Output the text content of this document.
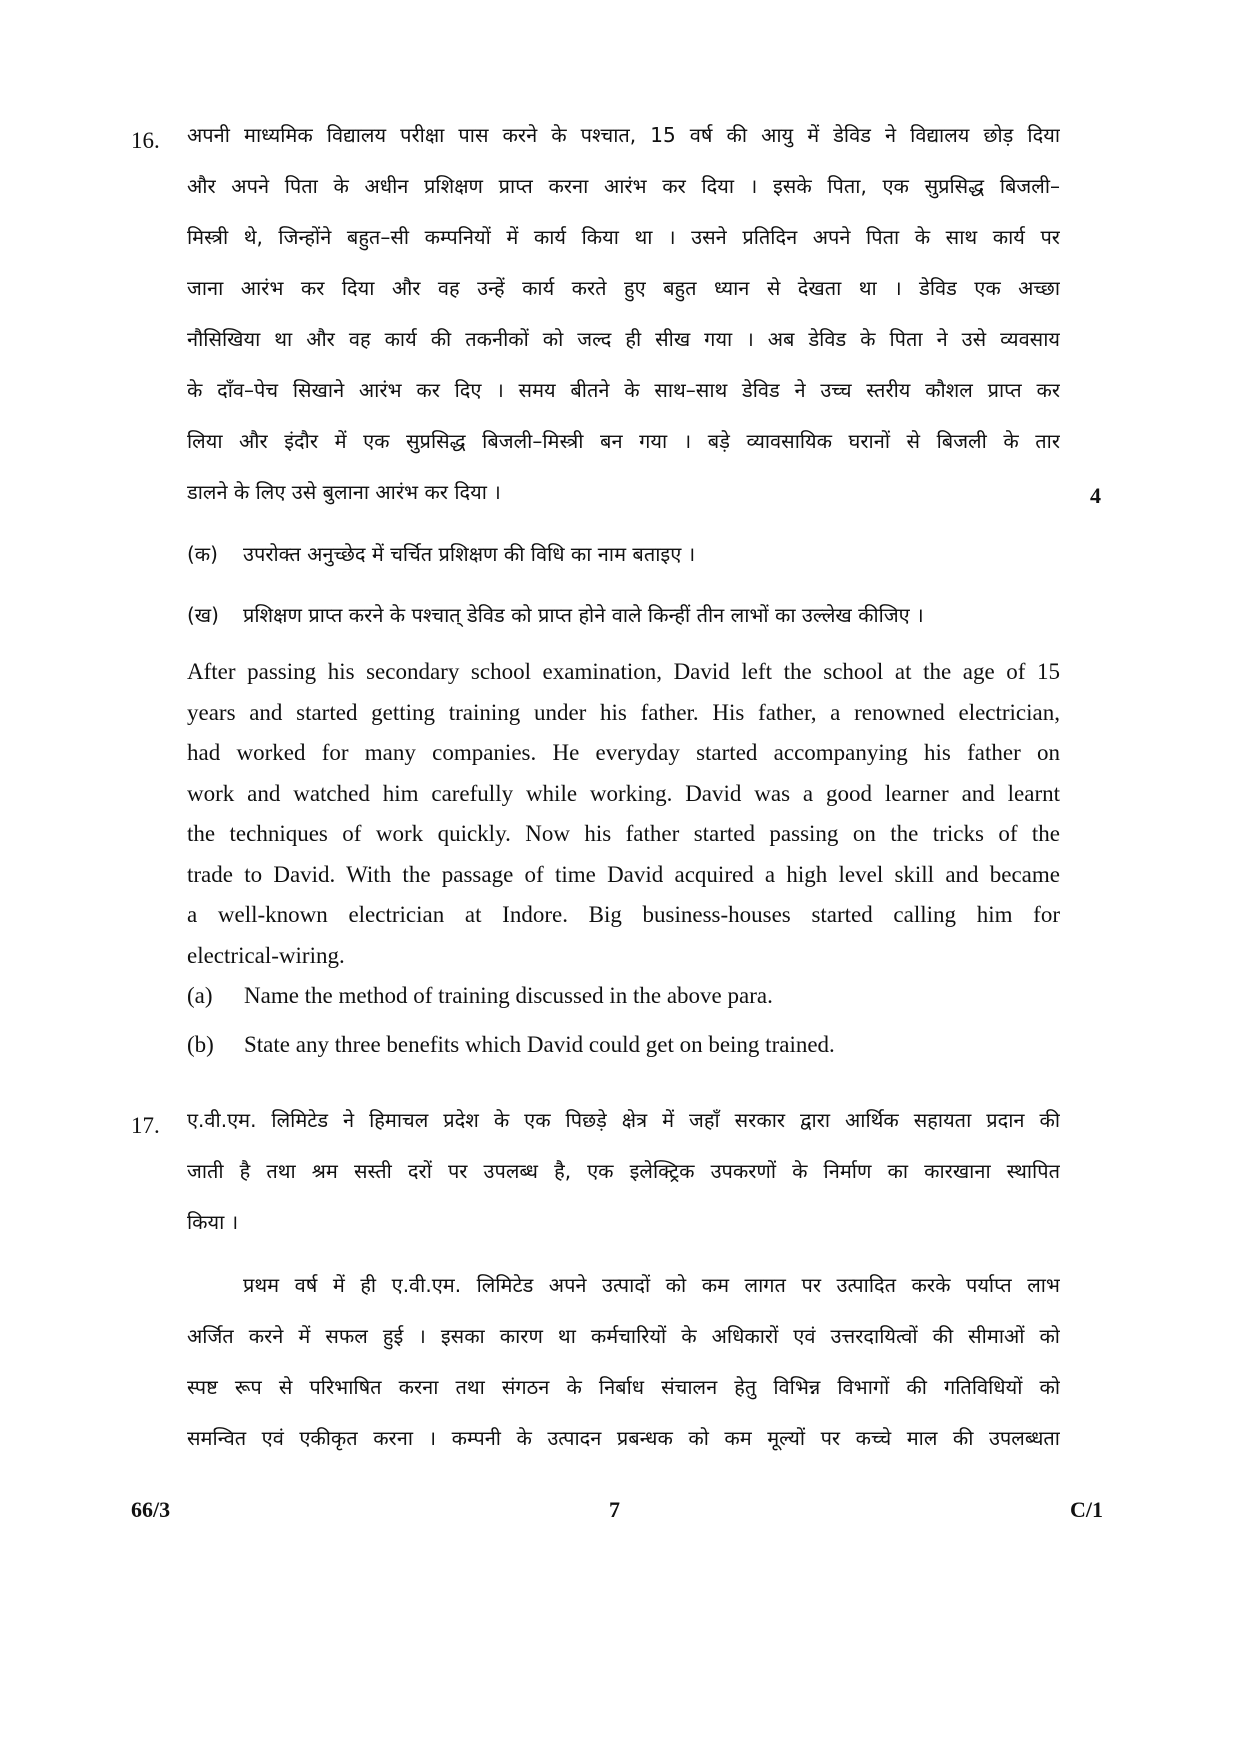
16. अपनी माध्यमिक विद्यालय परीक्षा पास करने के पश्चात, 15 वर्ष की आयु में डेविड ने विद्यालय छोड़ दिया
और अपने पिता के अधीन प्रशिक्षण प्राप्त करना आरंभ कर दिया । इसके पिता, एक सुप्रसिद्ध बिजली–
मिस्त्री थे, जिन्होंने बहुत–सी कम्पनियों में कार्य किया था । उसने प्रतिदिन अपने पिता के साथ कार्य पर
जाना आरंभ कर दिया और वह उन्हें कार्य करते हुए बहुत ध्यान से देखता था । डेविड एक अच्छा
नौसिखिया था और वह कार्य की तकनीकों को जल्द ही सीख गया । अब डेविड के पिता ने उसे व्यवसाय
के दाँव–पेच सिखाने आरंभ कर दिए । समय बीतने के साथ–साथ डेविड ने उच्च स्तरीय कौशल प्राप्त कर
लिया और इंदौर में एक सुप्रसिद्ध बिजली–मिस्त्री बन गया । बड़े व्यावसायिक घरानों से बिजली के तार
डालने के लिए उसे बुलाना आरंभ कर दिया ।	4
(क) उपरोक्त अनुच्छेद में चर्चित प्रशिक्षण की विधि का नाम बताइए ।
(ख) प्रशिक्षण प्राप्त करने के पश्चात् डेविड को प्राप्त होने वाले किन्हीं तीन लाभों का उल्लेख कीजिए ।
After passing his secondary school examination, David left the school at the age of 15
years and started getting training under his father. His father, a renowned electrician,
had worked for many companies. He everyday started accompanying his father on
work and watched him carefully while working. David was a good learner and learnt
the techniques of work quickly. Now his father started passing on the tricks of the
trade to David. With the passage of time David acquired a high level skill and became
a well-known electrician at Indore. Big business-houses started calling him for
electrical-wiring.
(a) Name the method of training discussed in the above para.
(b) State any three benefits which David could get on being trained.
17. ए.वी.एम. लिमिटेड ने हिमाचल प्रदेश के एक पिछड़े क्षेत्र में जहाँ सरकार द्वारा आर्थिक सहायता प्रदान की
जाती है तथा श्रम सस्ती दरों पर उपलब्ध है, एक इलेक्ट्रिक उपकरणों के निर्माण का कारखाना स्थापित
किया ।
प्रथम वर्ष में ही ए.वी.एम. लिमिटेड अपने उत्पादों को कम लागत पर उत्पादित करके पर्याप्त लाभ
अर्जित करने में सफल हुई । इसका कारण था कर्मचारियों के अधिकारों एवं उत्तरदायित्वों की सीमाओं को
स्पष्ट रूप से परिभाषित करना तथा संगठन के निर्बाध संचालन हेतु विभिन्न विभागों की गतिविधियों को
समन्वित एवं एकीकृत करना । कम्पनी के उत्पादन प्रबन्धक को कम मूल्यों पर कच्चे माल की उपलब्धता
66/3	7	C/1
